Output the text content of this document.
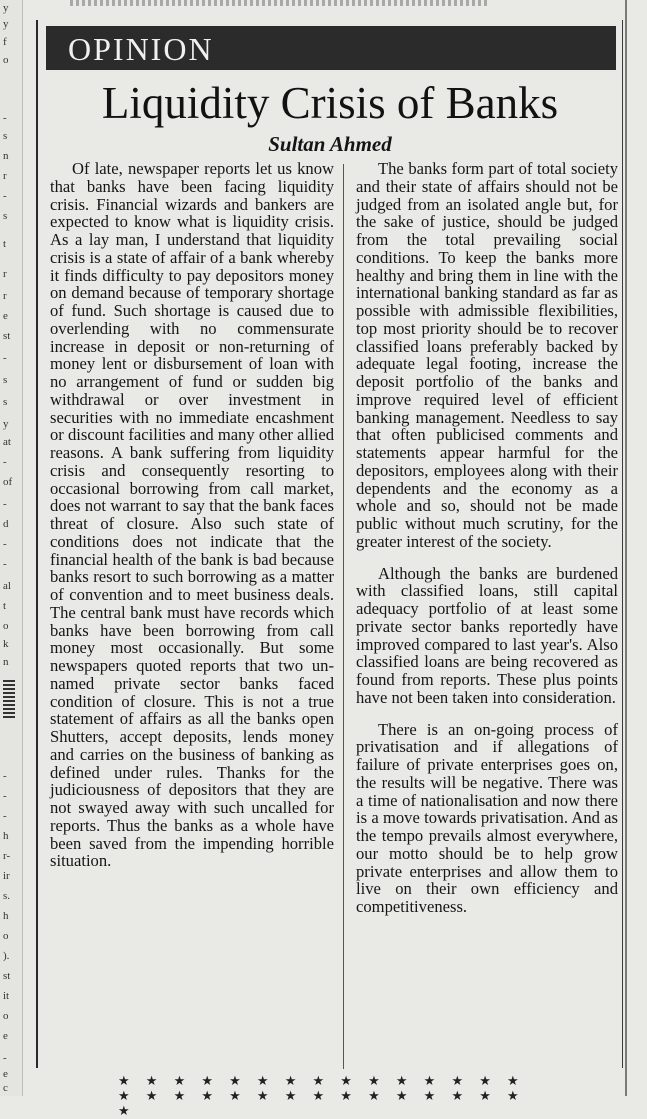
y
y
f
o
-
s
n
r
-
s
t
r
r
e
st
-
s
s
y
at
-
of
-
d
-
-
al
t
o
k
n
-
-
-
h
r-
ir
s.
h
o
).
st
it
o
e
-
e
c
OPINION
Liquidity Crisis of Banks
Sultan Ahmed

Of late, newspaper reports let us know that banks have been facing liquidity crisis. Financial wizards and bankers are expected to know what is liquidity crisis. As a lay man, I understand that liquidity crisis is a state of affair of a bank whereby it finds difficulty to pay depositors money on demand because of temporary shortage of fund. Such shortage is caused due to overlending with no commensurate increase in deposit or non-returning of money lent or disbursement of loan with no arrangement of fund or sudden big withdrawal or over investment in securities with no immediate encashment or discount facilities and many other allied reasons. A bank suffering from liquidity crisis and consequently resorting to occasional borrowing from call market, does not warrant to say that the bank faces threat of closure. Also such state of conditions does not indicate that the financial health of the bank is bad because banks resort to such borrowing as a matter of convention and to meet business deals. The central bank must have records which banks have been borrowing from call money most occasionally. But some newspapers quoted reports that two un-named private sector banks faced condition of closure. This is not a true statement of affairs as all the banks open Shutters, accept deposits, lends money and carries on the business of banking as defined under rules. Thanks for the judiciousness of depositors that they are not swayed away with such uncalled for reports. Thus the banks as a whole have been saved from the impending horrible situation.

The banks form part of total society and their state of affairs should not be judged from an isolated angle but, for the sake of justice, should be judged from the total prevailing social conditions. To keep the banks more healthy and bring them in line with the international banking standard as far as possible with admissible flexibilities, top most priority should be to recover classified loans preferably backed by adequate legal footing, increase the deposit portfolio of the banks and improve required level of efficient banking management. Needless to say that often publicised comments and statements appear harmful for the depositors, employees along with their dependents and the economy as a whole and so, should not be made public without much scrutiny, for the greater interest of the society.

Although the banks are burdened with classified loans, still capital adequacy portfolio of at least some private sector banks reportedly have improved compared to last year's. Also classified loans are being recovered as found from reports. These plus points have not been taken into consideration.

There is an on-going process of privatisation and if allegations of failure of private enterprises goes on, the results will be negative. There was a time of nationalisation and now there is a move towards privatisation. And as the tempo prevails almost everywhere, our motto should be to help grow private enterprises and allow them to live on their own efficiency and competitiveness.

★ ★ ★ ★ ★ ★ ★ ★ ★ ★ ★ ★ ★ ★ ★ ★ ★ ★ ★ ★ ★ ★ ★ ★ ★ ★ ★ ★ ★ ★ ★
